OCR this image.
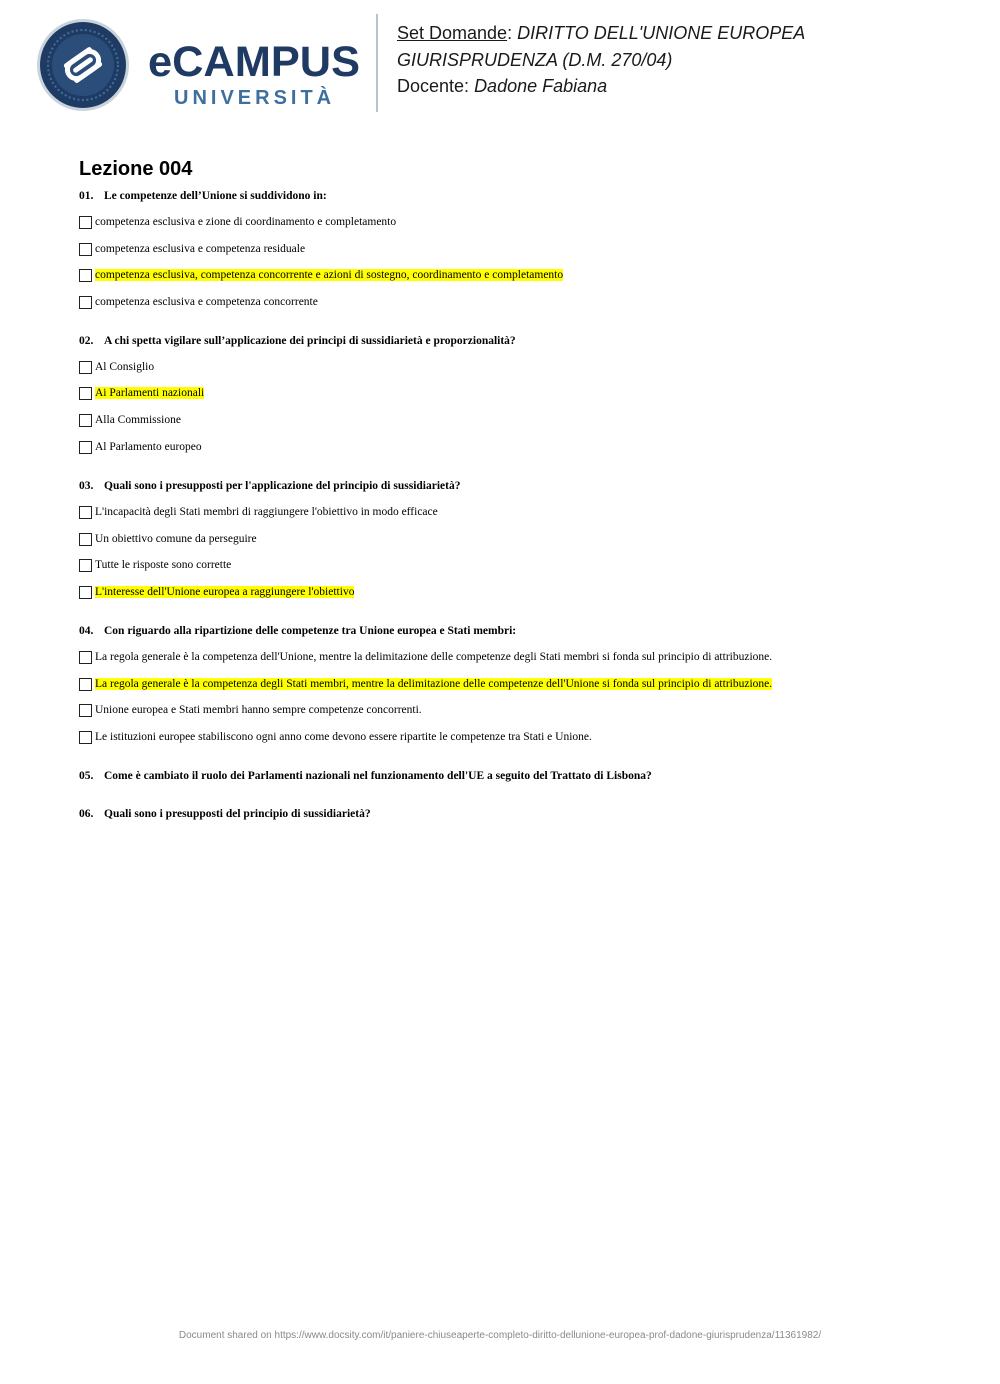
eCAMPUS
UNIVERSITÀ
Set Domande: DIRITTO DELL'UNIONE EUROPEA
GIURISPRUDENZA (D.M. 270/04)
Docente: Dadone Fabiana
Lezione 004
01. Le competenze dell’Unione si suddividono in:
competenza esclusiva e zione di coordinamento e completamento
competenza esclusiva e competenza residuale
competenza esclusiva, competenza concorrente e azioni di sostegno, coordinamento e completamento
competenza esclusiva e competenza concorrente
02. A chi spetta vigilare sull’applicazione dei principi di sussidiarietà e proporzionalità?
Al Consiglio
Ai Parlamenti nazionali
Alla Commissione
Al Parlamento europeo
03. Quali sono i presupposti per l'applicazione del principio di sussidiarietà?
L'incapacità degli Stati membri di raggiungere l'obiettivo in modo efficace
Un obiettivo comune da perseguire
Tutte le risposte sono corrette
L'interesse dell'Unione europea a raggiungere l'obiettivo
04. Con riguardo alla ripartizione delle competenze tra Unione europea e Stati membri:
La regola generale è la competenza dell'Unione, mentre la delimitazione delle competenze degli Stati membri si fonda sul principio di attribuzione.
La regola generale è la competenza degli Stati membri, mentre la delimitazione delle competenze dell'Unione si fonda sul principio di attribuzione.
Unione europea e Stati membri hanno sempre competenze concorrenti.
Le istituzioni europee stabiliscono ogni anno come devono essere ripartite le competenze tra Stati e Unione.
05. Come è cambiato il ruolo dei Parlamenti nazionali nel funzionamento dell'UE a seguito del Trattato di Lisbona?
06. Quali sono i presupposti del principio di sussidiarietà?
Document shared on https://www.docsity.com/it/paniere-chiuseaperte-completo-diritto-dellunione-europea-prof-dadone-giurisprudenza/11361982/
